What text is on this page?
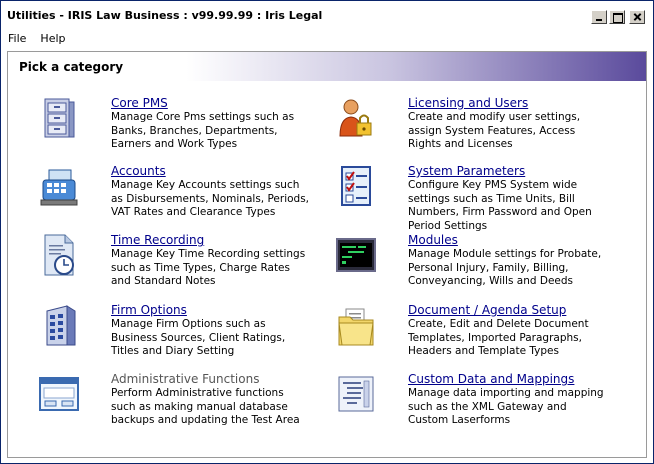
Utilities - IRIS Law Business : v99.99.99 : Iris Legal
File	Help
Pick a category
Core PMS
Manage Core Pms settings such as Banks, Branches, Departments, Earners and Work Types
Licensing and Users
Create and modify user settings, assign System Features, Access Rights and Licenses
Accounts
Manage Key Accounts settings such as Disbursements, Nominals, Periods, VAT Rates and Clearance Types
System Parameters
Configure Key PMS System wide settings such as Time Units, Bill Numbers, Firm Password and Open Period Settings
Time Recording
Manage Key Time Recording settings such as Time Types, Charge Rates and Standard Notes
Modules
Manage Module settings for Probate, Personal Injury, Family, Billing, Conveyancing, Wills and Deeds
Firm Options
Manage Firm Options such as Business Sources, Client Ratings, Titles and Diary Setting
Document / Agenda Setup
Create, Edit and Delete Document Templates, Imported Paragraphs, Headers and Template Types
Administrative Functions
Perform Administrative functions such as making manual database backups and updating the Test Area
Custom Data and Mappings
Manage data importing and mapping such as the XML Gateway and Custom Laserforms
